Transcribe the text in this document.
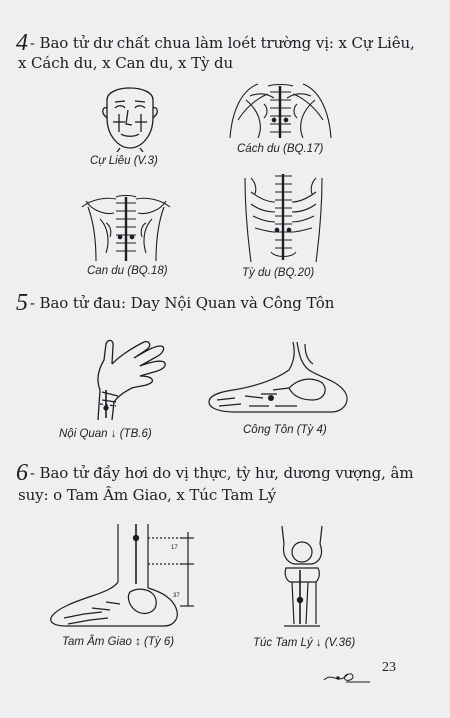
4 - Bao tử dư chất chua làm loét trường vị: x Cự Liêu,
x Cách du, x Can du, x Tỳ du
Cự Liêu (V.3)
Cách du (BQ.17)
Can du (BQ.18)	Tỳ du (BQ.20)
5 - Bao tử đau: Day Nội Quan và Công Tôn
Nội Quan ↓ (TB.6)	Công Tôn (Tỳ 4)
6 - Bao tử đầy hơi do vị thực, tỳ hư, dương vượng, âm
suy: o Tam Âm Giao, x Túc Tam Lý
Tam Âm Giao ↕ (Tỳ 6)
17
37
Túc Tam Lý ↓ (V.36)
23
